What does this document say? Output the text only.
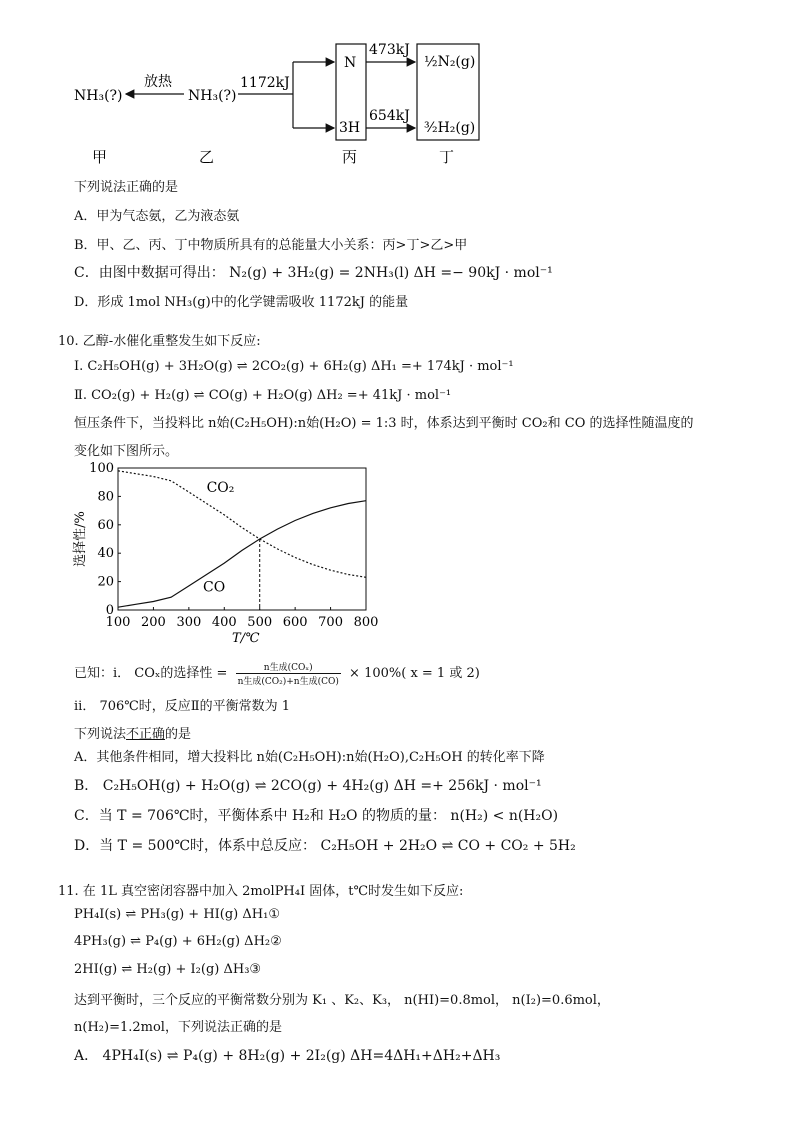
NH₃(?)
放热
NH₃(?)
1172kJ
N
3H
473kJ
654kJ
½N₂(g)
³⁄₂H₂(g)
甲	乙	丙	丁
下列说法正确的是
A．甲为气态氨，乙为液态氨
B．甲、乙、丙、丁中物质所具有的总能量大小关系：丙>丁>乙>甲
C．由图中数据可得出： N₂(g) + 3H₂(g) = 2NH₃(l) ΔH =− 90kJ · mol⁻¹
D．形成 1mol NH₃(g)中的化学键需吸收 1172kJ 的能量
10. 乙醇-水催化重整发生如下反应:
Ⅰ. C₂H₅OH(g) + 3H₂O(g) ⇌ 2CO₂(g) + 6H₂(g) ΔH₁ =+ 174kJ · mol⁻¹
Ⅱ. CO₂(g) + H₂(g) ⇌ CO(g) + H₂O(g) ΔH₂ =+ 41kJ · mol⁻¹
恒压条件下，当投料比 n始(C₂H₅OH):n始(H₂O) = 1:3 时，体系达到平衡时 CO₂和 CO 的选择性随温度的
变化如下图所示。
100 200 300 400 500 600 700 800
0
20
40
60
80
100
CO₂
CO
T/℃
选择性/%
已知：i． COₓ的选择性 =	n生成(COₓ)
n生成(CO₂)+n生成(CO)
× 100%( x = 1 或 2)
ii． 706℃时，反应Ⅱ的平衡常数为 1
下列说法不正确的是
A．其他条件相同，增大投料比 n始(C₂H₅OH):n始(H₂O),C₂H₅OH 的转化率下降
B． C₂H₅OH(g) + H₂O(g) ⇌ 2CO(g) + 4H₂(g) ΔH =+ 256kJ · mol⁻¹
C．当 T = 706℃时，平衡体系中 H₂和 H₂O 的物质的量： n(H₂) < n(H₂O)
D．当 T = 500℃时，体系中总反应： C₂H₅OH + 2H₂O ⇌ CO + CO₂ + 5H₂
11. 在 1L 真空密闭容器中加入 2molPH₄I 固体，t℃时发生如下反应:
PH₄I(s) ⇌ PH₃(g) + HI(g) ΔH₁①
4PH₃(g) ⇌ P₄(g) + 6H₂(g) ΔH₂②
2HI(g) ⇌ H₂(g) + I₂(g) ΔH₃③
达到平衡时，三个反应的平衡常数分别为 K₁ 、K₂、K₃， n(HI)=0.8mol， n(I₂)=0.6mol，
n(H₂)=1.2mol，下列说法正确的是
A． 4PH₄I(s) ⇌ P₄(g) + 8H₂(g) + 2I₂(g) ΔH=4ΔH₁+ΔH₂+ΔH₃
